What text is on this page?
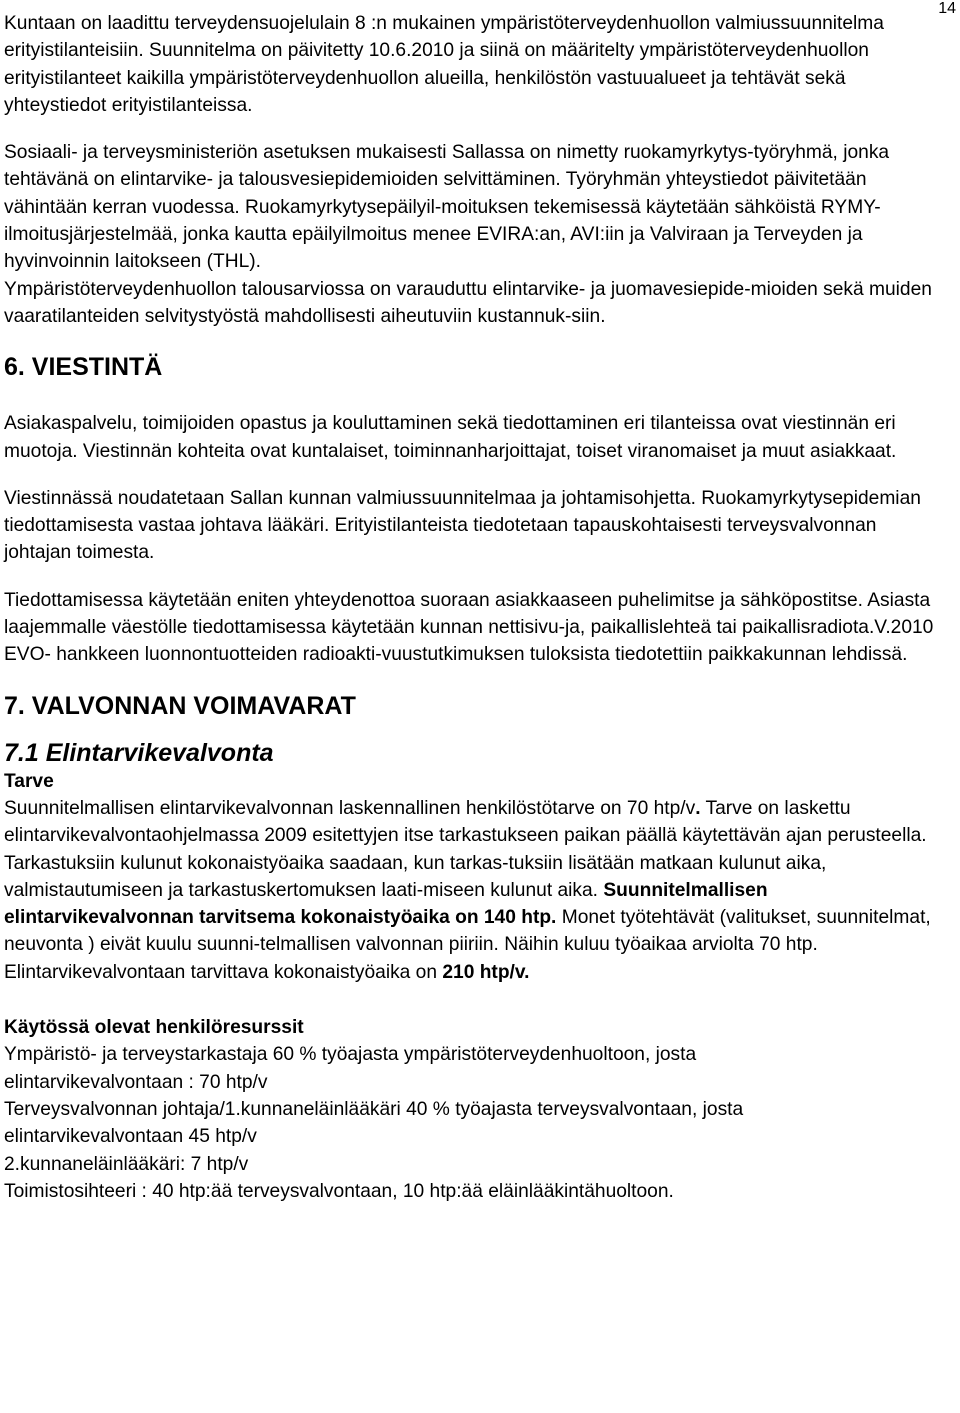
14

Kuntaan on laadittu terveydensuojelulain 8 :n mukainen ympäristöterveydenhuollon valmiussuunnitelma erityistilanteisiin. Suunnitelma on päivitetty 10.6.2010 ja siinä on määritelty ympäristöterveydenhuollon erityistilanteet kaikilla ympäristöterveydenhuollon alueilla, henkilöstön vastuualueet ja tehtävät sekä yhteystiedot erityistilanteissa.

Sosiaali- ja terveysministeriön asetuksen mukaisesti Sallassa on nimetty ruokamyrkytys-työryhmä, jonka tehtävänä on elintarvike- ja talousvesiepidemioiden selvittäminen. Työryhmän yhteystiedot päivitetään vähintään kerran vuodessa. Ruokamyrkytysepäilyil-moituksen tekemisessä käytetään sähköistä RYMY- ilmoitusjärjestelmää, jonka kautta epäilyilmoitus menee EVIRA:an, AVI:iin ja Valviraan ja Terveyden ja hyvinvoinnin laitokseen (THL).

Ympäristöterveydenhuollon talousarviossa on varauduttu elintarvike- ja juomavesiepide-mioiden sekä muiden vaaratilanteiden selvitystyöstä mahdollisesti aiheutuviin kustannuk-siin.

6. VIESTINTÄ

Asiakaspalvelu, toimijoiden opastus ja kouluttaminen sekä tiedottaminen eri tilanteissa ovat viestinnän eri muotoja. Viestinnän kohteita ovat kuntalaiset, toiminnanharjoittajat, toiset viranomaiset ja muut asiakkaat.

Viestinnässä noudatetaan Sallan kunnan valmiussuunnitelmaa ja johtamisohjetta. Ruokamyrkytysepidemian tiedottamisesta vastaa johtava lääkäri. Erityistilanteista tiedotetaan tapauskohtaisesti terveysvalvonnan johtajan toimesta.

Tiedottamisessa käytetään eniten yhteydenottoa suoraan asiakkaaseen puhelimitse ja sähköpostitse. Asiasta laajemmalle väestölle tiedottamisessa käytetään kunnan nettisivu-ja, paikallislehteä tai paikallisradiota.V.2010 EVO- hankkeen luonnontuotteiden radioakti-vuustutkimuksen tuloksista tiedotettiin paikkakunnan lehdissä.

7. VALVONNAN VOIMAVARAT
7.1 Elintarvikevalvonta

Tarve

Suunnitelmallisen elintarvikevalvonnan laskennallinen henkilöstötarve on 70 htp/v. Tarve on laskettu elintarvikevalvontaohjelmassa 2009 esitettyjen itse tarkastukseen paikan päällä käytettävän ajan perusteella. Tarkastuksiin kulunut kokonaistyöaika saadaan, kun tarkas-tuksiin lisätään matkaan kulunut aika, valmistautumiseen ja tarkastuskertomuksen laati-miseen kulunut aika. Suunnitelmallisen elintarvikevalvonnan tarvitsema kokonaistyöaika on 140 htp. Monet työtehtävät (valitukset, suunnitelmat, neuvonta ) eivät kuulu suunni-telmallisen valvonnan piiriin. Näihin kuluu työaikaa arviolta 70 htp. Elintarvikevalvontaan tarvittava kokonaistyöaika on 210 htp/v.

Käytössä olevat henkilöresurssit

Ympäristö- ja terveystarkastaja 60 % työajasta ympäristöterveydenhuoltoon, josta

elintarvikevalvontaan : 70 htp/v

Terveysvalvonnan johtaja/1.kunnaneläinlääkäri 40 % työajasta terveysvalvontaan, josta

elintarvikevalvontaan 45 htp/v

2.kunnaneläinlääkäri: 7 htp/v

Toimistosihteeri : 40 htp:ää terveysvalvontaan, 10 htp:ää eläinlääkintähuoltoon.
